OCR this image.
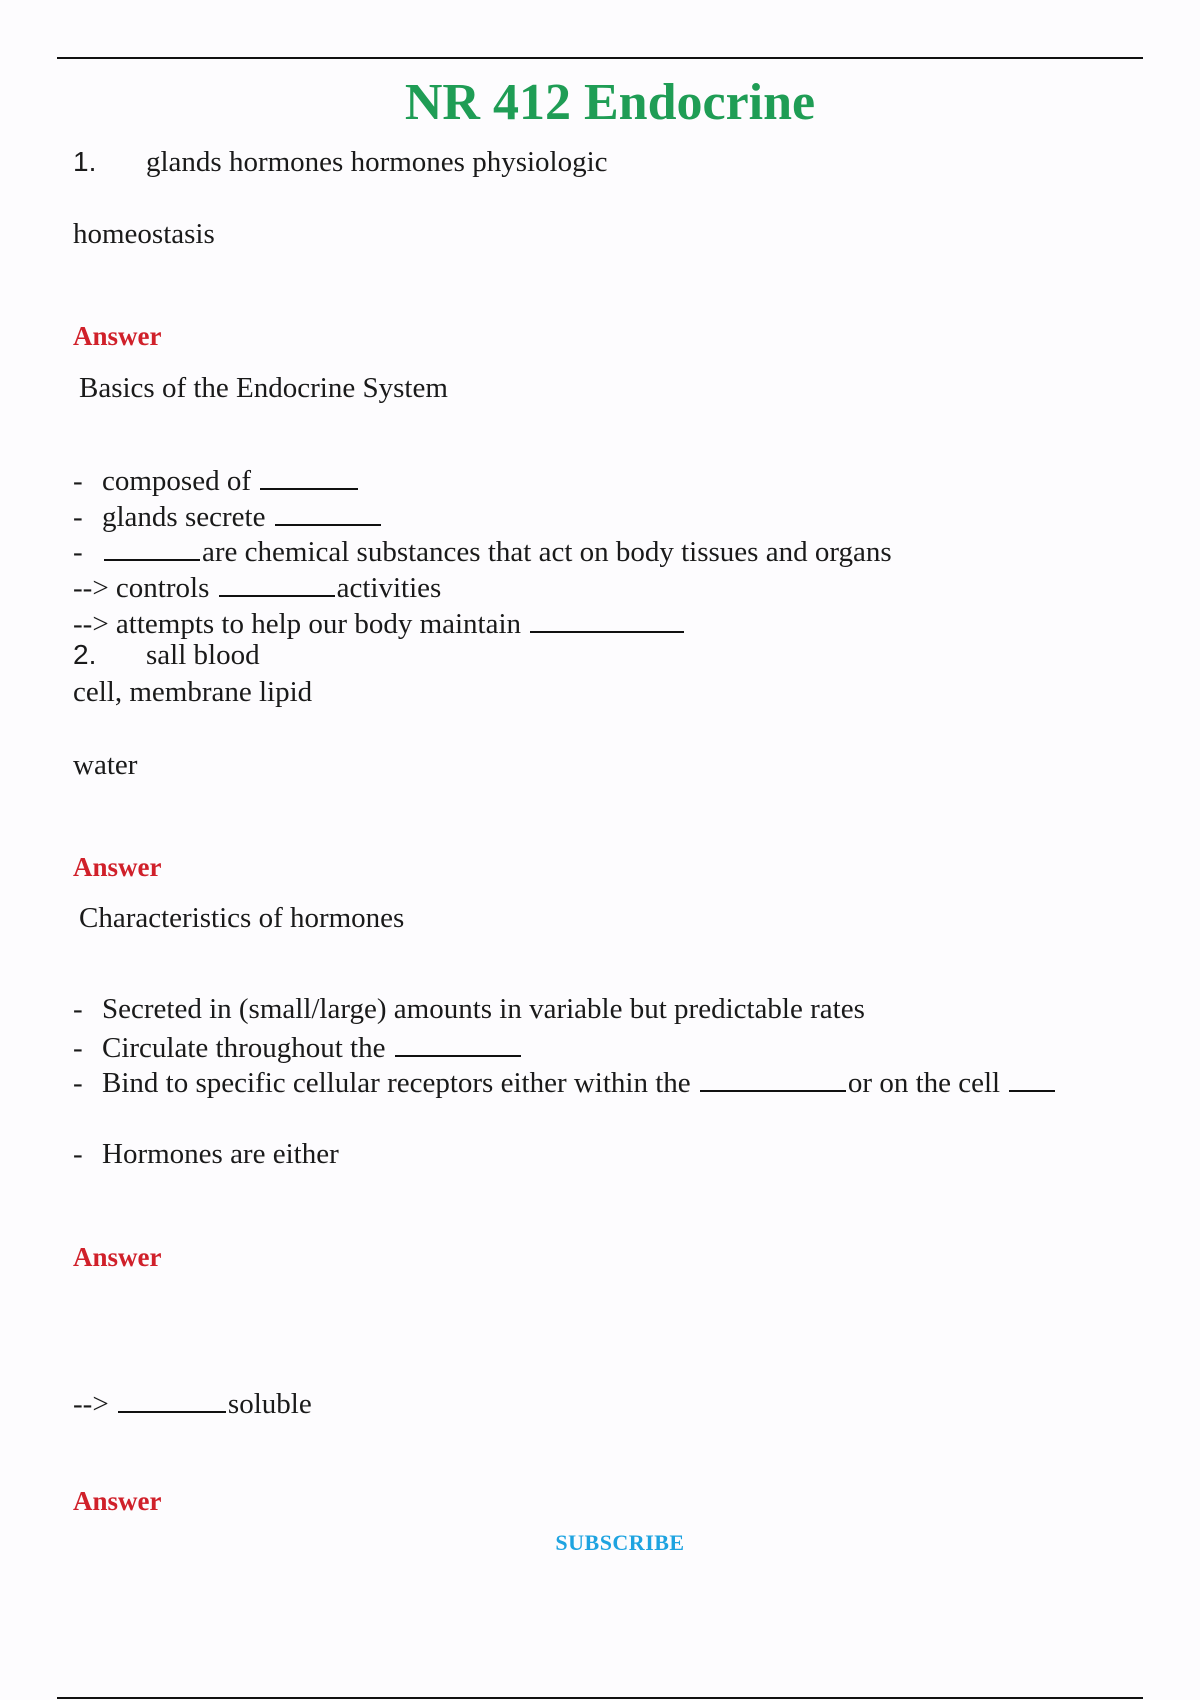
NR 412 Endocrine
1. glands hormones hormones physiologic
homeostasis
Answer
Basics of the Endocrine System
- composed of
- glands secrete
-	are chemical substances that act on body tissues and organs
--> controls	activities
--> attempts to help our body maintain
2. sall blood
cell, membrane lipid
water
Answer
Characteristics of hormones
- Secreted in (small/large) amounts in variable but predictable rates
- Circulate throughout the
- Bind to specific cellular receptors either within the	or on the cell
- Hormones are either
Answer
-->	soluble
Answer
SUBSCRIBE
